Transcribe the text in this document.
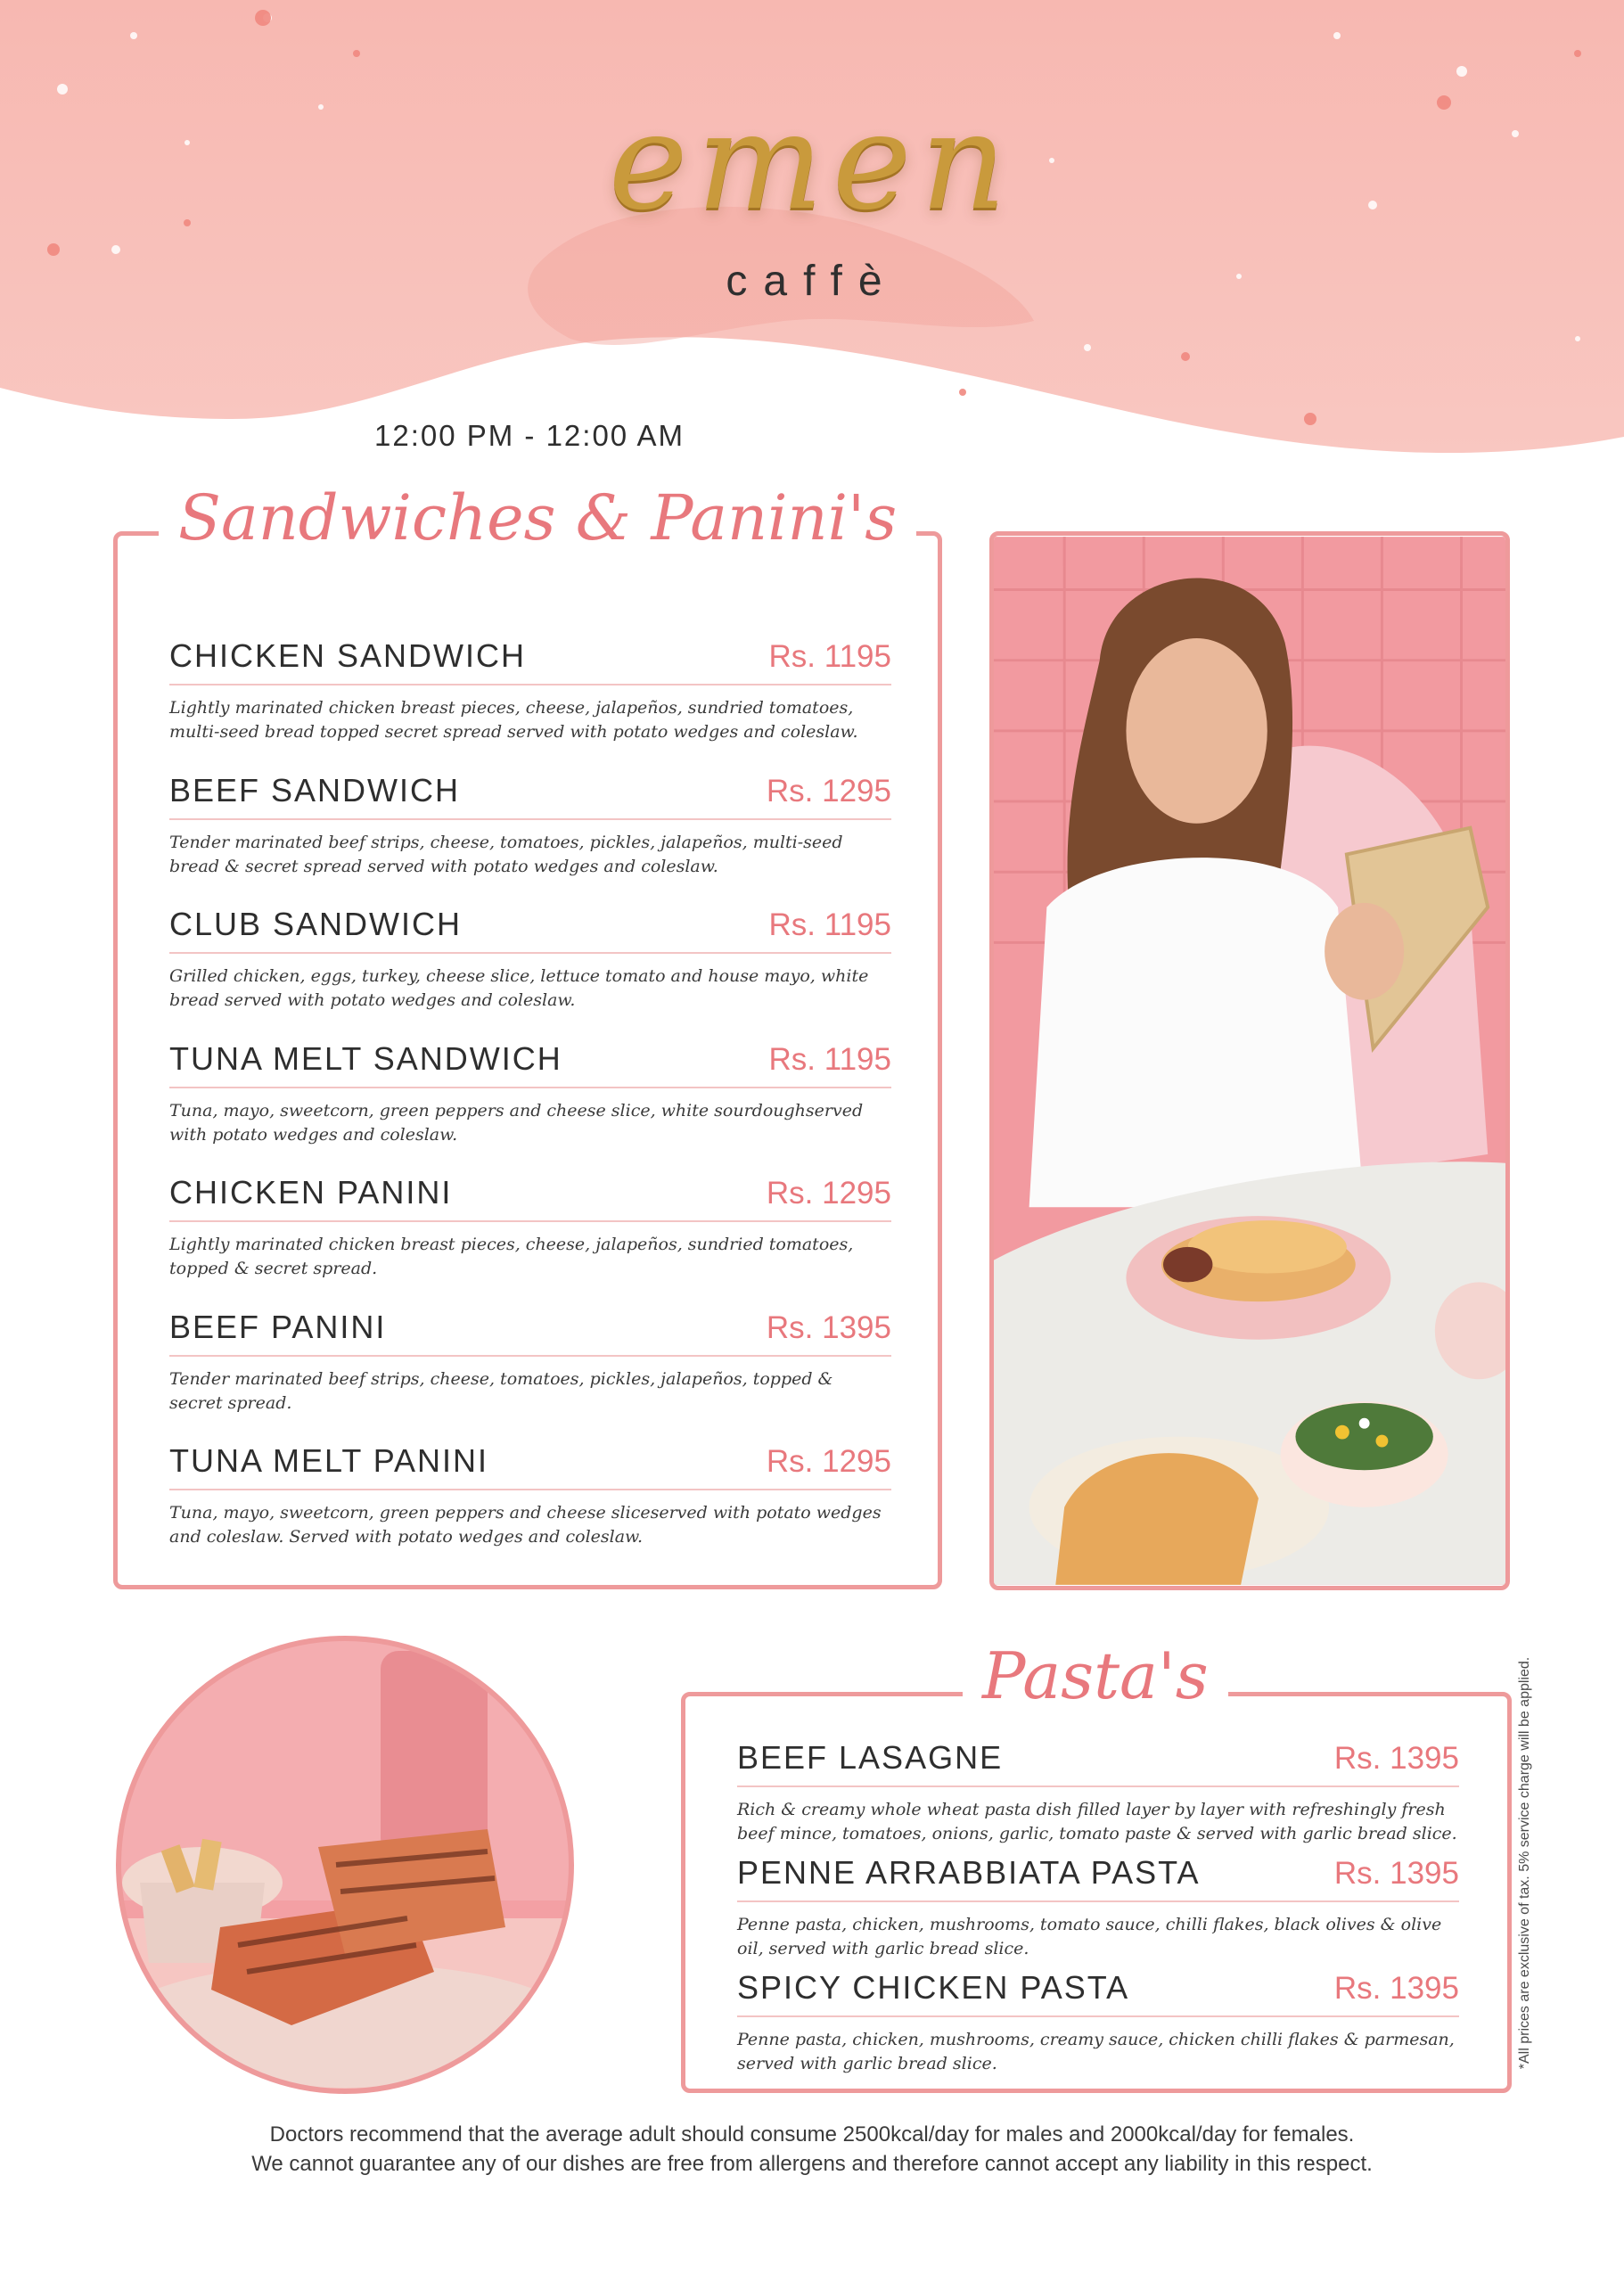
emen
caffè
12:00 PM - 12:00 AM
CHICKEN SANDWICH	Rs. 1195
Lightly marinated chicken breast pieces, cheese, jalapeños, sundried tomatoes, multi-seed bread topped secret spread served with potato wedges and coleslaw.
BEEF SANDWICH	Rs. 1295
Tender marinated beef strips, cheese, tomatoes, pickles, jalapeños, multi-seed bread & secret spread served with potato wedges and coleslaw.
CLUB SANDWICH	Rs. 1195
Grilled chicken, eggs, turkey, cheese slice, lettuce tomato and house mayo, white bread served with potato wedges and coleslaw.
TUNA MELT SANDWICH	Rs. 1195
Tuna, mayo, sweetcorn, green peppers and cheese slice, white sourdoughserved with potato wedges and coleslaw.
CHICKEN PANINI	Rs. 1295
Lightly marinated chicken breast pieces, cheese, jalapeños, sundried tomatoes, topped & secret spread.
BEEF PANINI	Rs. 1395
Tender marinated beef strips, cheese, tomatoes, pickles, jalapeños, topped & secret spread.
TUNA MELT PANINI	Rs. 1295
Tuna, mayo, sweetcorn, green peppers and cheese sliceserved with potato wedges and coleslaw. Served with potato wedges and coleslaw.
Sandwiches & Panini's
BEEF LASAGNE	Rs. 1395
Rich & creamy whole wheat pasta dish filled layer by layer with refreshingly fresh beef mince, tomatoes, onions, garlic, tomato paste & served with garlic bread slice.
PENNE ARRABBIATA PASTA	Rs. 1395
Penne pasta, chicken, mushrooms, tomato sauce, chilli flakes, black olives & olive oil, served with garlic bread slice.
SPICY CHICKEN PASTA	Rs. 1395
Penne pasta, chicken, mushrooms, creamy sauce, chicken chilli flakes & parmesan, served with garlic bread slice.
Pasta's	*All prices are exclusive of tax. 5% service charge will be applied.
Doctors recommend that the average adult should consume 2500kcal/day for males and 2000kcal/day for females.
We cannot guarantee any of our dishes are free from allergens and therefore cannot accept any liability in this respect.
